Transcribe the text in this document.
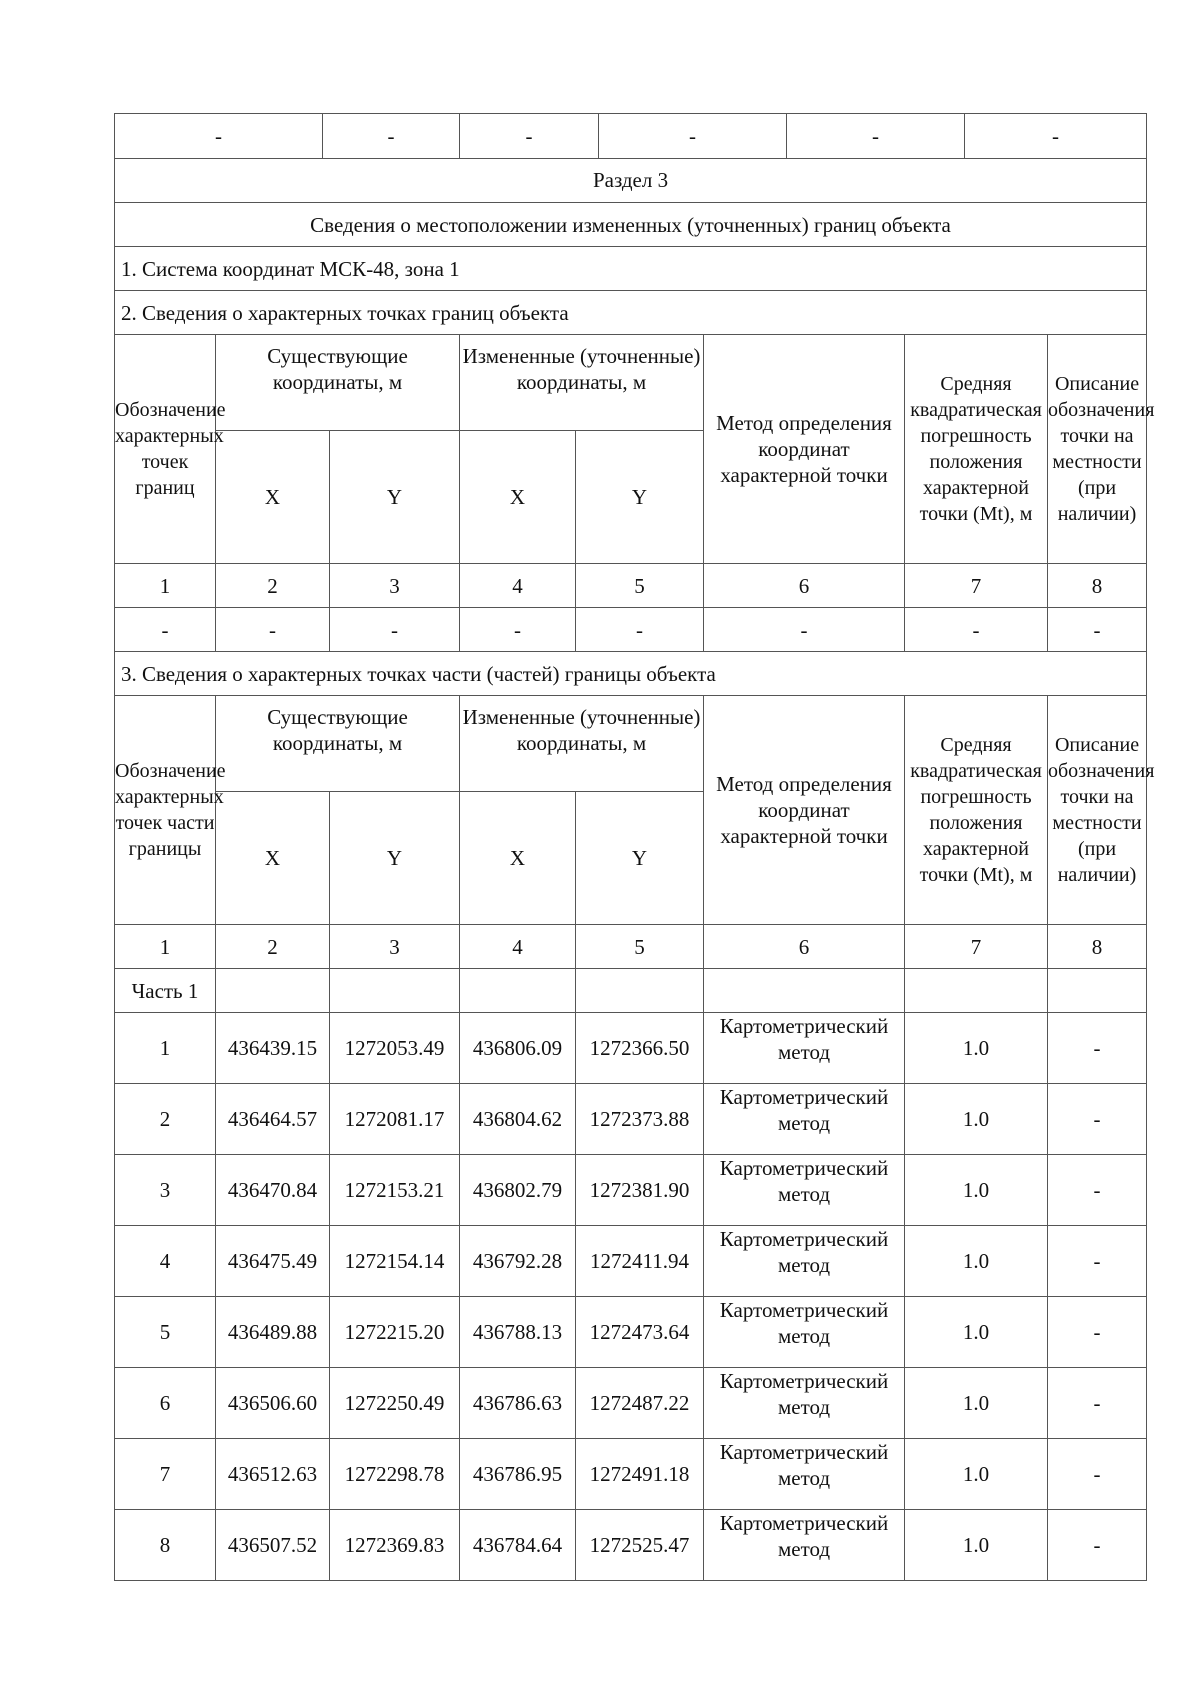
-	-	-	-	-	-
Раздел 3							
Сведения о местоположении измененных (уточненных) границ объекта							
1. Система координат МСК-48, зона 1							
2. Сведения о характерных точках границ объекта							
Обозначение характерных точек границ	Существующие координаты, м		Измененные (уточненные) координаты, м		Метод определения координат характерной точки	Средняя квадратическая погрешность положения характерной точки (Mt), м	Описание обозначения точки на местности (при наличии)
	X	Y	X	Y			
1	2	3	4	5	6	7	8
-	-	-	-	-	-	-	-
3. Сведения о характерных точках части (частей) границы объекта							
Обозначение характерных точек части границы	Существующие координаты, м		Измененные (уточненные) координаты, м		Метод определения координат характерной точки	Средняя квадратическая погрешность положения характерной точки (Mt), м	Описание обозначения точки на местности (при наличии)
	X	Y	X	Y			
1	2	3	4	5	6	7	8
Часть 1							
1	436439.15	1272053.49	436806.09	1272366.50	Картометрический метод	1.0	-
2	436464.57	1272081.17	436804.62	1272373.88	Картометрический метод	1.0	-
3	436470.84	1272153.21	436802.79	1272381.90	Картометрический метод	1.0	-
4	436475.49	1272154.14	436792.28	1272411.94	Картометрический метод	1.0	-
5	436489.88	1272215.20	436788.13	1272473.64	Картометрический метод	1.0	-
6	436506.60	1272250.49	436786.63	1272487.22	Картометрический метод	1.0	-
7	436512.63	1272298.78	436786.95	1272491.18	Картометрический метод	1.0	-
8	436507.52	1272369.83	436784.64	1272525.47	Картометрический метод	1.0	-
